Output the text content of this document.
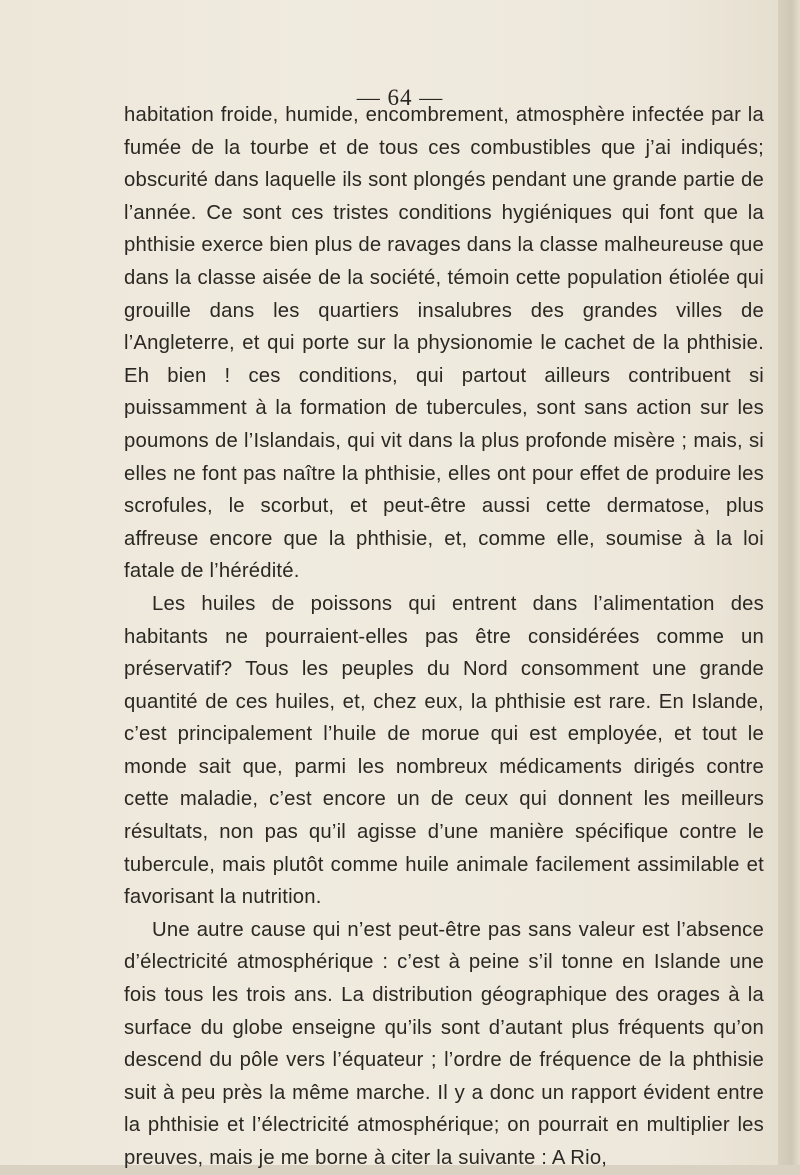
— 64 —

habitation froide, humide, encombrement, atmosphère infectée par la fumée de la tourbe et de tous ces combustibles que j’ai indiqués; obscurité dans laquelle ils sont plongés pendant une grande partie de l’année. Ce sont ces tristes conditions hygiéniques qui font que la phthisie exerce bien plus de ravages dans la classe malheureuse que dans la classe aisée de la société, témoin cette population étiolée qui grouille dans les quartiers insalubres des grandes villes de l’Angleterre, et qui porte sur la physionomie le cachet de la phthisie. Eh bien ! ces conditions, qui partout ailleurs contribuent si puissamment à la formation de tubercules, sont sans action sur les poumons de l’Islandais, qui vit dans la plus profonde misère ; mais, si elles ne font pas naître la phthisie, elles ont pour effet de produire les scrofules, le scorbut, et peut-être aussi cette dermatose, plus affreuse encore que la phthisie, et, comme elle, soumise à la loi fatale de l’hérédité.

Les huiles de poissons qui entrent dans l’alimentation des habitants ne pourraient-elles pas être considérées comme un préservatif? Tous les peuples du Nord consomment une grande quantité de ces huiles, et, chez eux, la phthisie est rare. En Islande, c’est principalement l’huile de morue qui est employée, et tout le monde sait que, parmi les nombreux médicaments dirigés contre cette maladie, c’est encore un de ceux qui donnent les meilleurs résultats, non pas qu’il agisse d’une manière spécifique contre le tubercule, mais plutôt comme huile animale facilement assimilable et favorisant la nutrition.

Une autre cause qui n’est peut-être pas sans valeur est l’absence d’électricité atmosphérique : c’est à peine s’il tonne en Islande une fois tous les trois ans. La distribution géographique des orages à la surface du globe enseigne qu’ils sont d’autant plus fréquents qu’on descend du pôle vers l’équateur ; l’ordre de fréquence de la phthisie suit à peu près la même marche. Il y a donc un rapport évident entre la phthisie et l’électricité atmosphérique; on pourrait en multiplier les preuves, mais je me borne à citer la suivante : A Rio,
